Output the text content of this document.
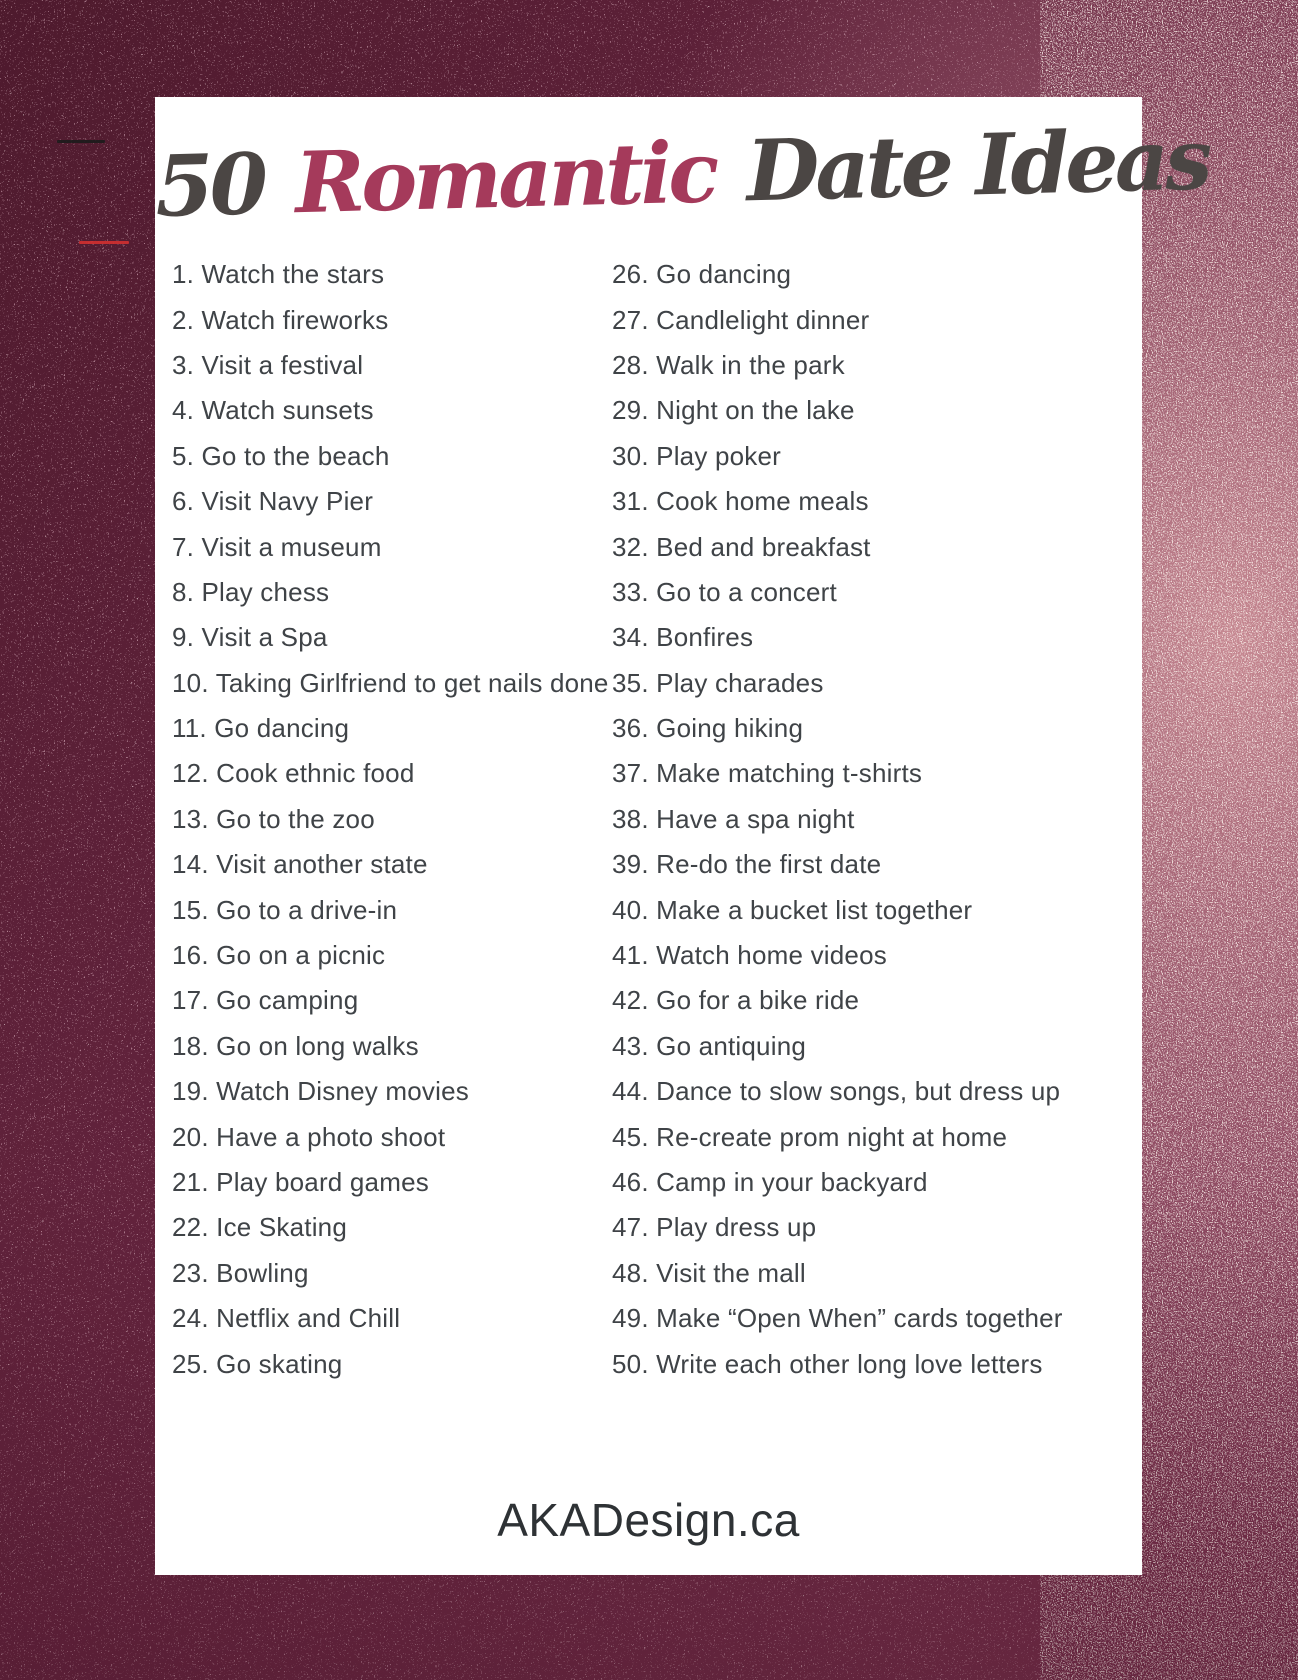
50 Romantic Date Ideas
1. Watch the stars
2. Watch fireworks
3. Visit a festival
4. Watch sunsets
5. Go to the beach
6. Visit Navy Pier
7. Visit a museum
8. Play chess
9. Visit a Spa
10. Taking Girlfriend to get nails done
11. Go dancing
12. Cook ethnic food
13. Go to the zoo
14. Visit another state
15. Go to a drive-in
16. Go on a picnic
17. Go camping
18. Go on long walks
19. Watch Disney movies
20. Have a photo shoot
21. Play board games
22. Ice Skating
23. Bowling
24. Netflix and Chill
25. Go skating
26. Go dancing
27. Candlelight dinner
28. Walk in the park
29. Night on the lake
30. Play poker
31. Cook home meals
32. Bed and breakfast
33. Go to a concert
34. Bonfires
35. Play charades
36. Going hiking
37. Make matching t-shirts
38. Have a spa night
39. Re-do the first date
40. Make a bucket list together
41. Watch home videos
42. Go for a bike ride
43. Go antiquing
44. Dance to slow songs, but dress up
45. Re-create prom night at home
46. Camp in your backyard
47. Play dress up
48. Visit the mall
49. Make “Open When” cards together
50. Write each other long love letters
AKADesign.ca
